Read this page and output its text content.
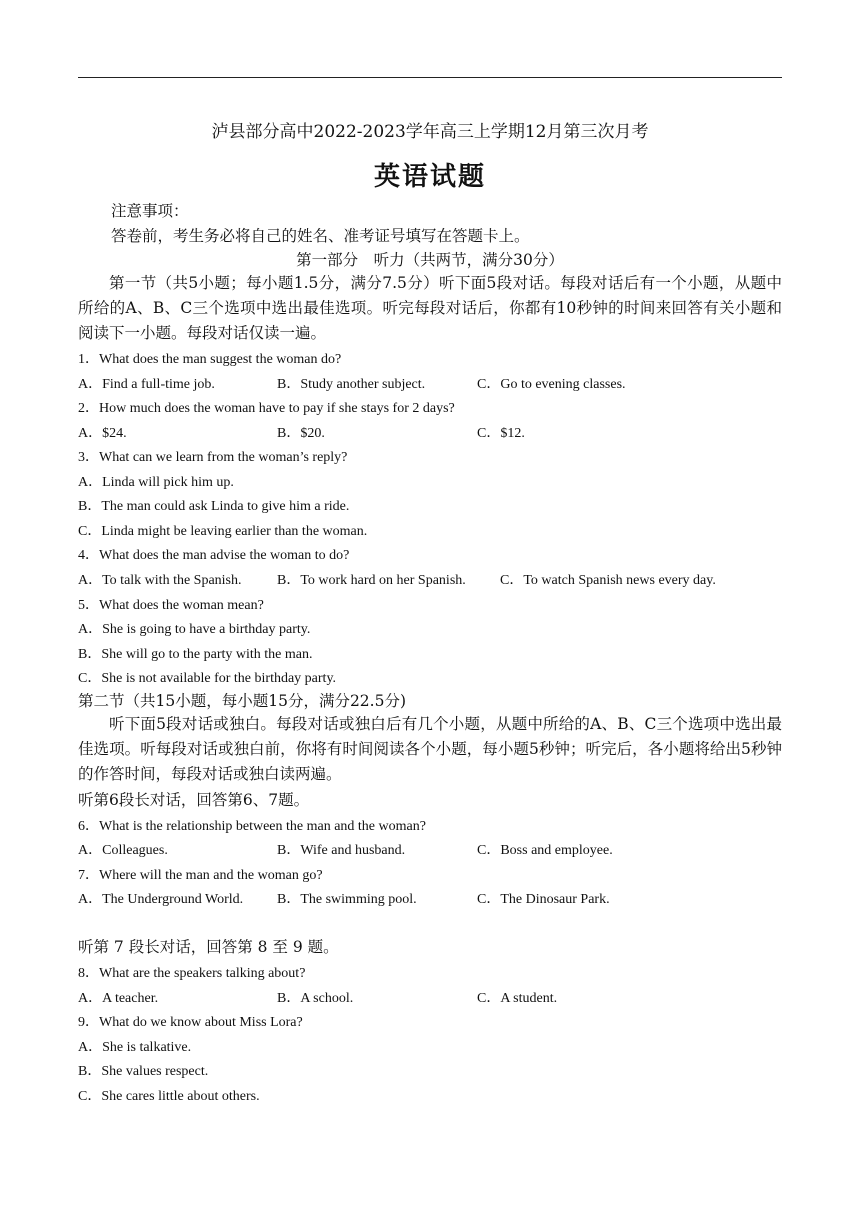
泸县部分高中2022-2023学年高三上学期12月第三次月考
英语试题
注意事项：
答卷前，考生务必将自己的姓名、准考证号填写在答题卡上。
第一部分　听力（共两节，满分30分）
第一节（共5小题；每小题1.5分，满分7.5分）听下面5段对话。每段对话后有一个小题，从题中所给的A、B、C三个选项中选出最佳选项。听完每段对话后，你都有10秒钟的时间来回答有关小题和阅读下一小题。每段对话仅读一遍。
1．What does the man suggest the woman do?
A．Find a full-time job.	B．Study another subject.	C．Go to evening classes.
2．How much does the woman have to pay if she stays for 2 days?
A．$24.	B．$20.	C．$12.
3．What can we learn from the woman’s reply?
A．Linda will pick him up.
B．The man could ask Linda to give him a ride.
C．Linda might be leaving earlier than the woman.
4．What does the man advise the woman to do?
A．To talk with the Spanish.	B．To work hard on her Spanish. C．To watch Spanish news every day.
5．What does the woman mean?
A．She is going to have a birthday party.
B．She will go to the party with the man.
C．She is not available for the birthday party.
第二节（共15小题，每小题15分，满分22.5分)
听下面5段对话或独白。每段对话或独白后有几个小题，从题中所给的A、B、C三个选项中选出最佳选项。听每段对话或独白前，你将有时间阅读各个小题，每小题5秒钟；听完后，各小题将给出5秒钟的作答时间，每段对话或独白读两遍。
听第6段长对话，回答第6、7题。
6．What is the relationship between the man and the woman?
A．Colleagues.	B．Wife and husband.	C．Boss and employee.
7．Where will the man and the woman go?
A．The Underground World. B．The swimming pool.	C．The Dinosaur Park.
听第 7 段长对话，回答第 8 至 9 题。
8．What are the speakers talking about?
A．A teacher.	B．A school.	C．A student.
9．What do we know about Miss Lora?
A．She is talkative.
B．She values respect.
C．She cares little about others.
